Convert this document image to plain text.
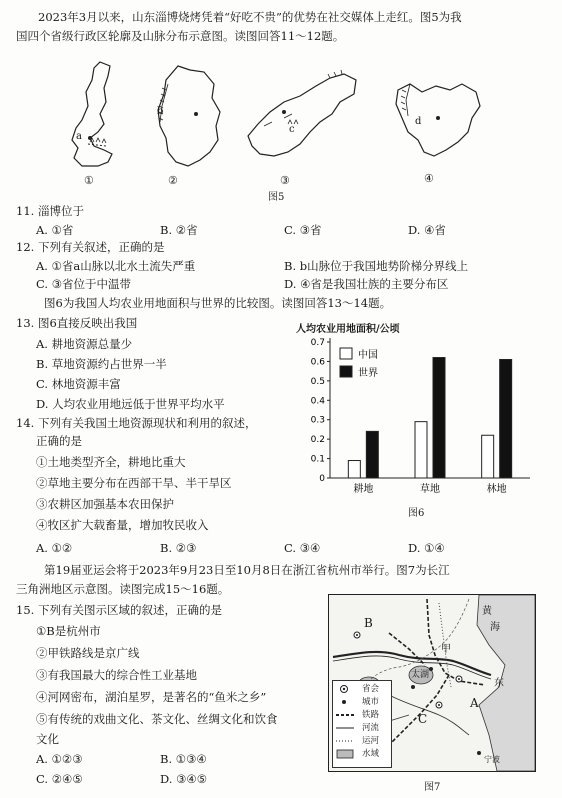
2023年3月以来，山东淄博烧烤凭着“好吃不贵”的优势在社交媒体上走红。图5为我
国四个省级行政区轮廓及山脉分布示意图。读图回答11～12题。
a
①
b
②
c
③
d
④
图5
11. 淄博位于
A. ①省	B. ②省	C. ③省	D. ④省
12. 下列有关叙述，正确的是
A. ①省a山脉以北水土流失严重	B. b山脉位于我国地势阶梯分界线上
C. ③省位于中温带	D. ④省是我国壮族的主要分布区
图6为我国人均农业用地面积与世界的比较图。读图回答13～14题。
13. 图6直接反映出我国
A. 耕地资源总量少
B. 草地资源约占世界一半
C. 林地资源丰富
D. 人均农业用地远低于世界平均水平
14. 下列有关我国土地资源现状和利用的叙述，
正确的是
①土地类型齐全，耕地比重大
②草地主要分布在西部干旱、半干旱区
③农耕区加强基本农田保护
④牧区扩大载畜量，增加牧民收入
A. ①②	B. ②③	C. ③④	D. ①④
人均农业用地面积/公顷
0
0.1
0.2
0.3
0.4
0.5
0.6
0.7
耕地	草地	林地
中国
世界
图6
第19届亚运会将于2023年9月23日至10月8日在浙江省杭州市举行。图7为长江
三角洲地区示意图。读图完成15～16题。
15. 下列有关图示区域的叙述，正确的是
①B是杭州市
②甲铁路线是京广线
③有我国最大的综合性工业基地
④河网密布，湖泊星罗，是著名的“鱼米之乡”
⑤有传统的戏曲文化、茶文化、丝绸文化和饮食
文化
A. ①②③	B. ①③④
C. ②④⑤	D. ③④⑤
黄
海
东
B
A
C
甲
太湖
宁波
省会
城市
铁路
河流
运河
水域
图7
